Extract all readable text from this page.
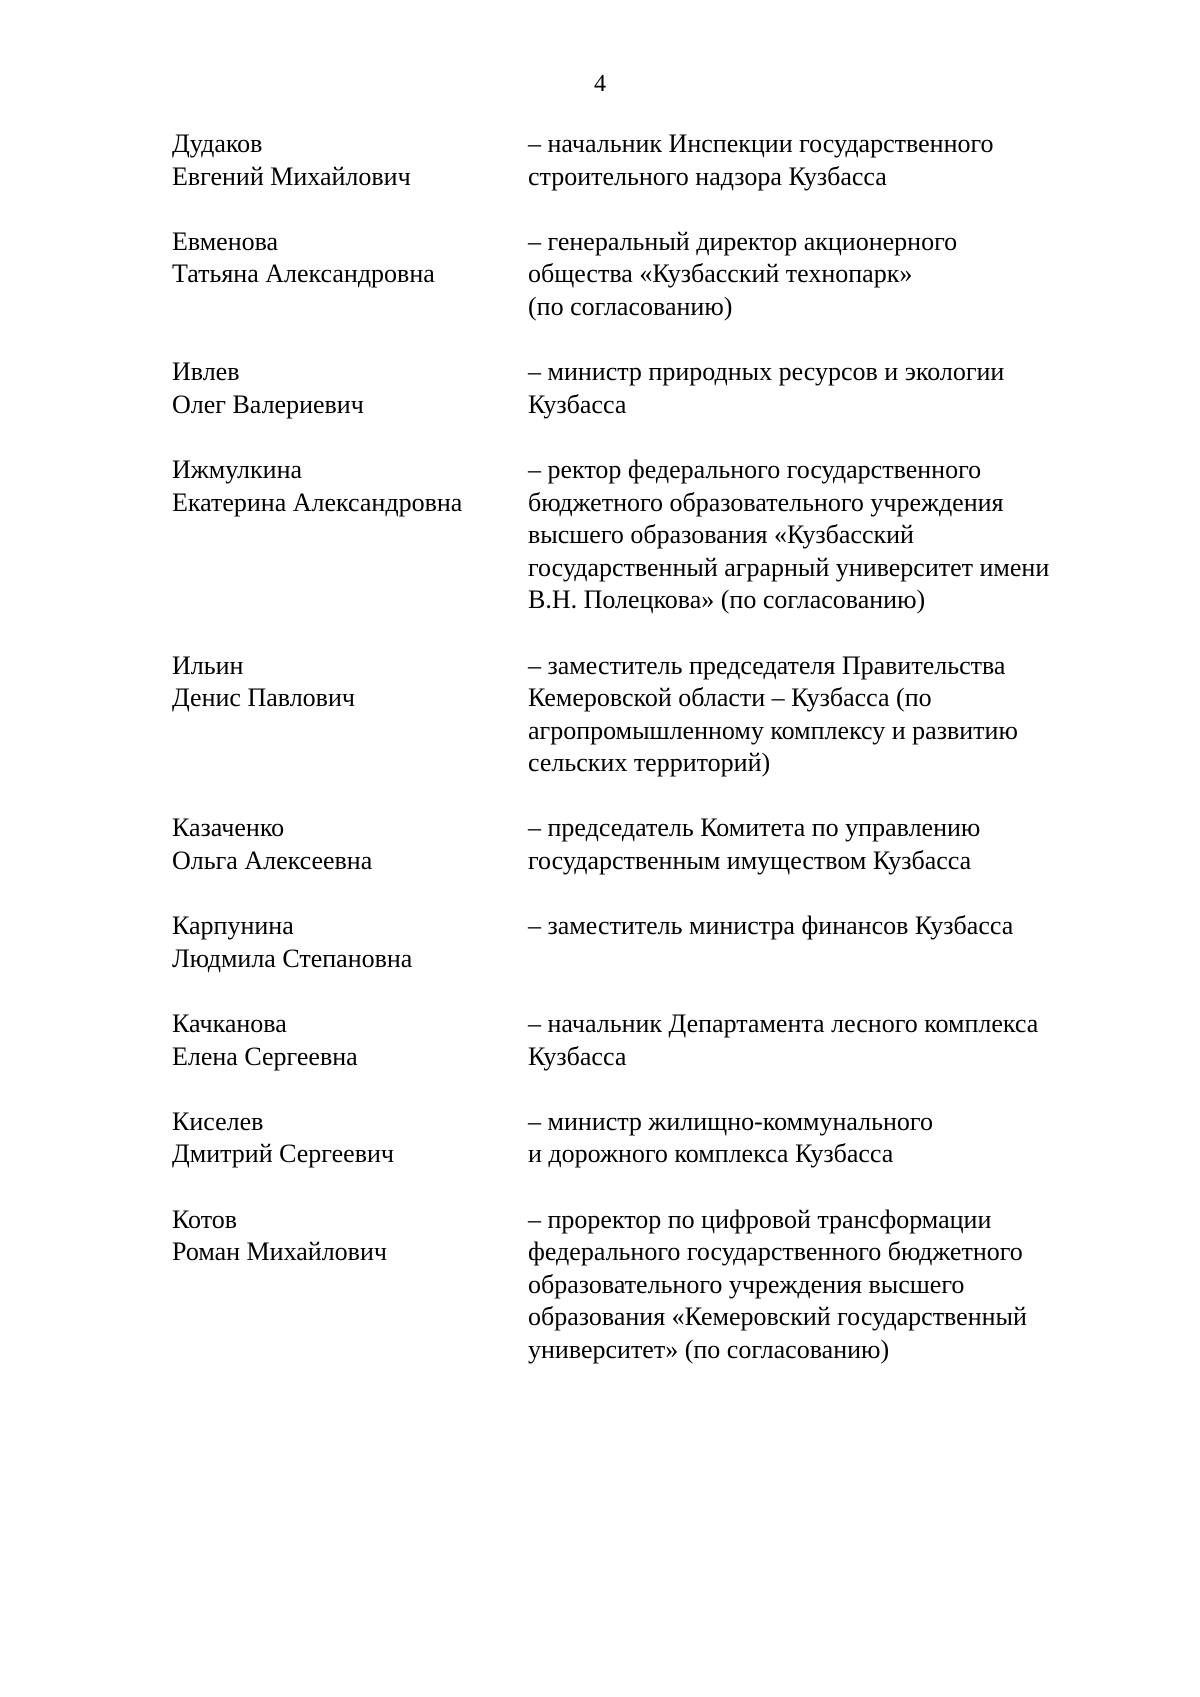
4
Дудаков
Евгений Михайлович
– начальник Инспекции государственного
строительного надзора Кузбасса
Евменова
Татьяна Александровна
– генеральный директор акционерного
общества «Кузбасский технопарк»
(по согласованию)
Ивлев
Олег Валериевич
– министр природных ресурсов и экологии
Кузбасса
Ижмулкина
Екатерина Александровна
– ректор федерального государственного
бюджетного образовательного учреждения
высшего образования «Кузбасский
государственный аграрный университет имени
В.Н. Полецкова» (по согласованию)
Ильин
Денис Павлович
– заместитель председателя Правительства
Кемеровской области – Кузбасса (по
агропромышленному комплексу и развитию
сельских территорий)
Казаченко
Ольга Алексеевна
– председатель Комитета по управлению
государственным имуществом Кузбасса
Карпунина
Людмила Степановна
– заместитель министра финансов Кузбасса
Качканова
Елена Сергеевна
– начальник Департамента лесного комплекса
Кузбасса
Киселев
Дмитрий Сергеевич
– министр жилищно-коммунального
и дорожного комплекса Кузбасса
Котов
Роман Михайлович
– проректор по цифровой трансформации
федерального государственного бюджетного
образовательного учреждения высшего
образования «Кемеровский государственный
университет» (по согласованию)
